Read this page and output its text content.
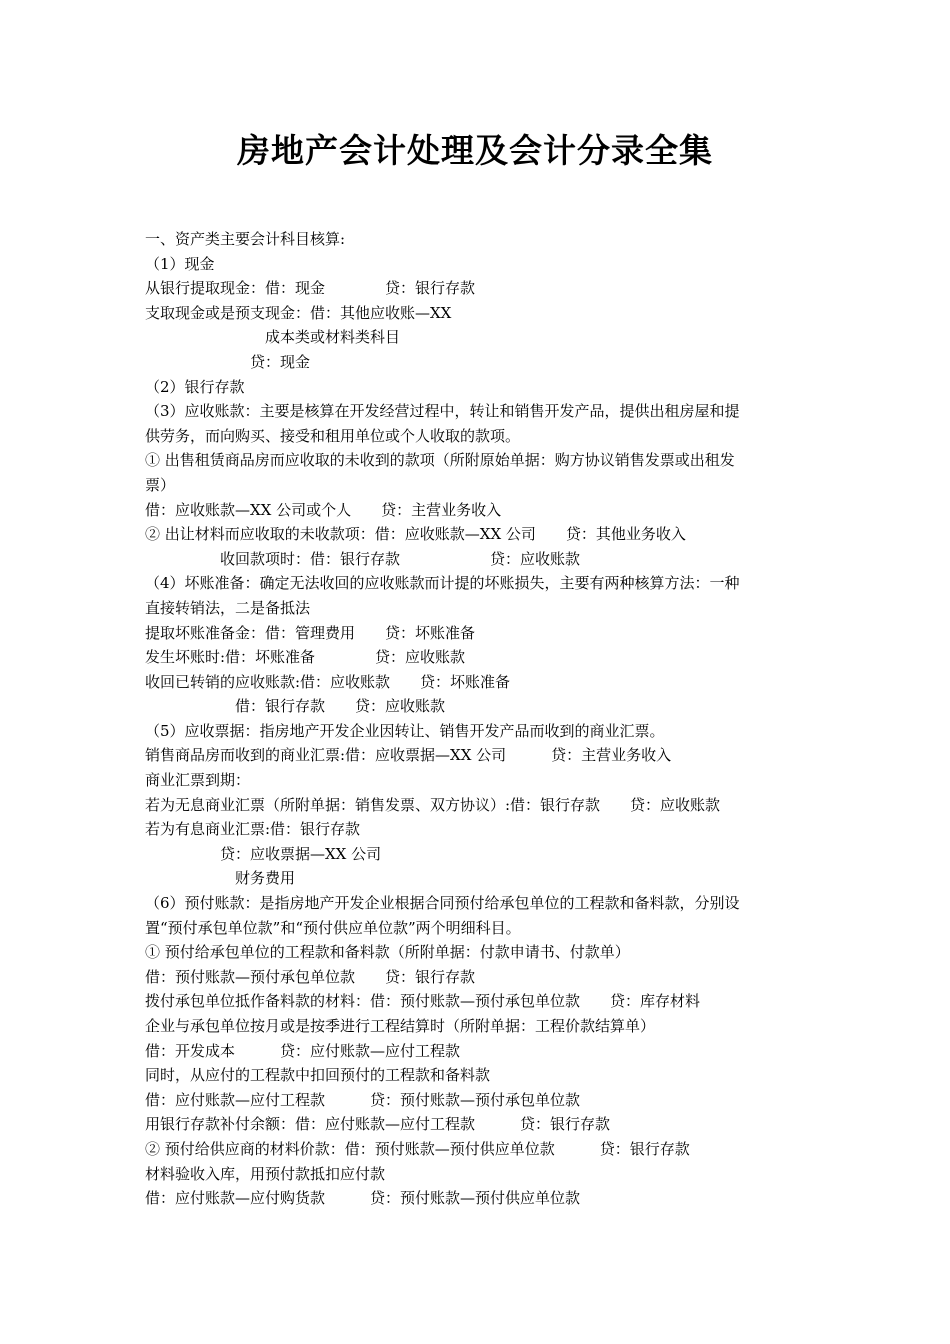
房地产会计处理及会计分录全集
一、资产类主要会计科目核算:
（1）现金
从银行提取现金：借：现金　　　　贷：银行存款
支取现金或是预支现金：借：其他应收账—XX
　　　　　　　　成本类或材料类科目
　　　　　　　贷：现金
（2）银行存款
（3）应收账款：主要是核算在开发经营过程中，转让和销售开发产品，提供出租房屋和提
供劳务，而向购买、接受和租用单位或个人收取的款项。
① 出售租赁商品房而应收取的未收到的款项（所附原始单据：购方协议销售发票或出租发
票）
借：应收账款—XX 公司或个人　　贷：主营业务收入
② 出让材料而应收取的未收款项：借：应收账款—XX 公司　　贷：其他业务收入
　　　　　收回款项时：借：银行存款　　　　　　贷：应收账款
（4）坏账准备：确定无法收回的应收账款而计提的坏账损失，主要有两种核算方法：一种
直接转销法，二是备抵法
提取坏账准备金：借：管理费用　　贷：坏账准备
发生坏账时:借：坏账准备　　　　贷：应收账款
收回已转销的应收账款:借：应收账款　　贷：坏账准备
　　　　　　借：银行存款　　贷：应收账款
（5）应收票据：指房地产开发企业因转让、销售开发产品而收到的商业汇票。
销售商品房而收到的商业汇票:借：应收票据—XX 公司　　　贷：主营业务收入
商业汇票到期：
若为无息商业汇票（所附单据：销售发票、双方协议）:借：银行存款　　贷：应收账款
若为有息商业汇票:借：银行存款
　　　　　贷：应收票据—XX 公司
　　　　　　财务费用
（6）预付账款：是指房地产开发企业根据合同预付给承包单位的工程款和备料款，分别设
置“预付承包单位款”和“预付供应单位款”两个明细科目。
① 预付给承包单位的工程款和备料款（所附单据：付款申请书、付款单）
借：预付账款—预付承包单位款　　贷：银行存款
拨付承包单位抵作备料款的材料：借：预付账款—预付承包单位款　　贷：库存材料
企业与承包单位按月或是按季进行工程结算时（所附单据：工程价款结算单）
借：开发成本　　　贷：应付账款—应付工程款
同时，从应付的工程款中扣回预付的工程款和备料款
借：应付账款—应付工程款　　　贷：预付账款—预付承包单位款
用银行存款补付余额：借：应付账款—应付工程款　　　贷：银行存款
② 预付给供应商的材料价款：借：预付账款—预付供应单位款　　　贷：银行存款
材料验收入库，用预付款抵扣应付款
借：应付账款—应付购货款　　　贷：预付账款—预付供应单位款
